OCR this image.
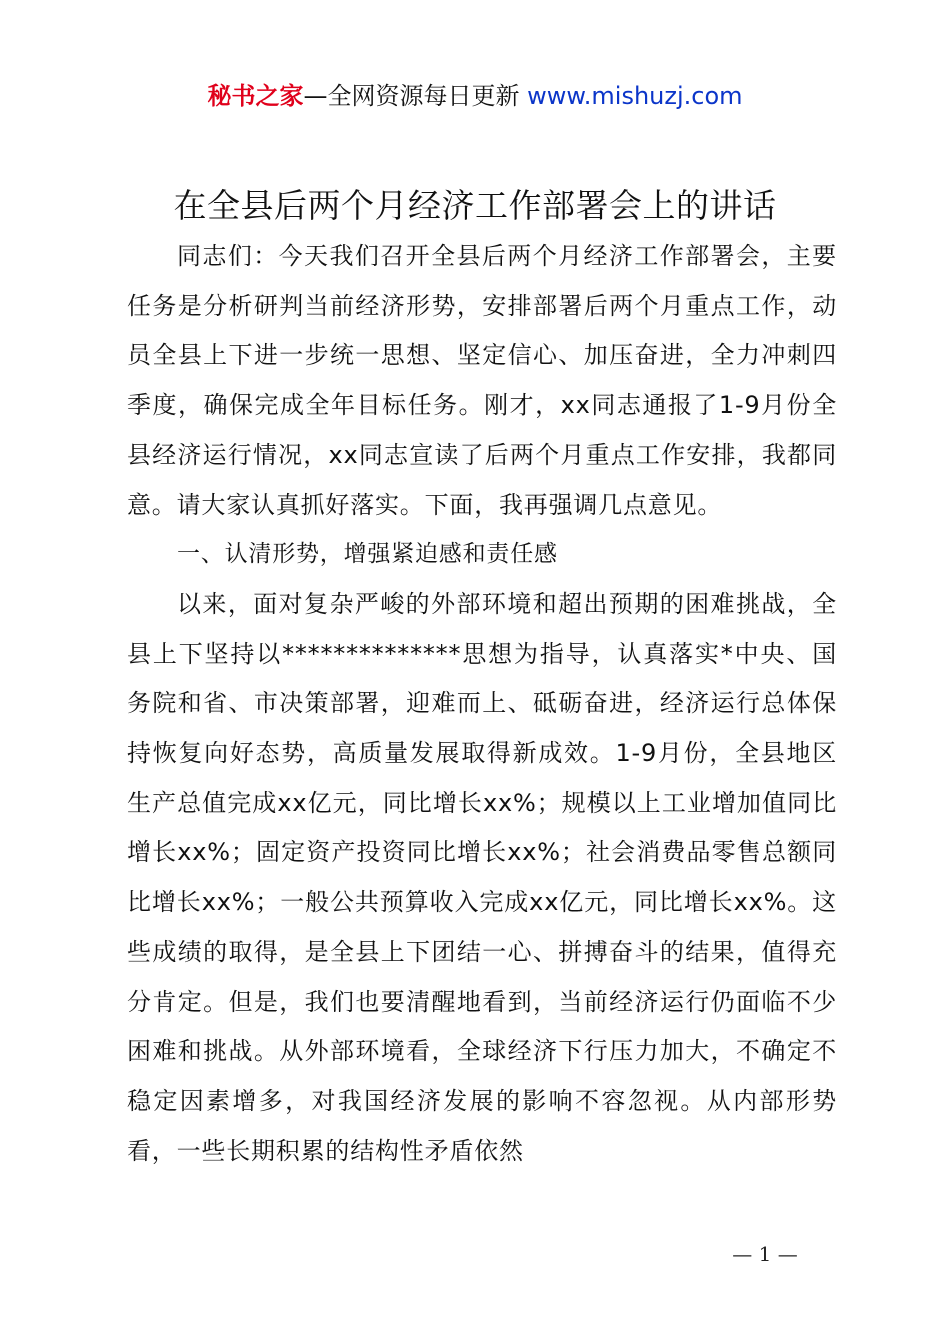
秘书之家—全网资源每日更新 www.mishuzj.com
在全县后两个月经济工作部署会上的讲话

同志们：今天我们召开全县后两个月经济工作部署会，主要任务是分析研判当前经济形势，安排部署后两个月重点工作，动员全县上下进一步统一思想、坚定信心、加压奋进，全力冲刺四季度，确保完成全年目标任务。刚才，xx同志通报了1-9月份全县经济运行情况，xx同志宣读了后两个月重点工作安排，我都同意。请大家认真抓好落实。下面，我再强调几点意见。

一、认清形势，增强紧迫感和责任感

以来，面对复杂严峻的外部环境和超出预期的困难挑战，全县上下坚持以**************思想为指导，认真落实*中央、国务院和省、市决策部署，迎难而上、砥砺奋进，经济运行总体保持恢复向好态势，高质量发展取得新成效。1-9月份，全县地区生产总值完成xx亿元，同比增长xx%；规模以上工业增加值同比增长xx%；固定资产投资同比增长xx%；社会消费品零售总额同比增长xx%；一般公共预算收入完成xx亿元，同比增长xx%。这些成绩的取得，是全县上下团结一心、拼搏奋斗的结果，值得充分肯定。但是，我们也要清醒地看到，当前经济运行仍面临不少困难和挑战。从外部环境看，全球经济下行压力加大，不确定不稳定因素增多，对我国经济发展的影响不容忽视。从内部形势看，一些长期积累的结构性矛盾依然

— 1 —
